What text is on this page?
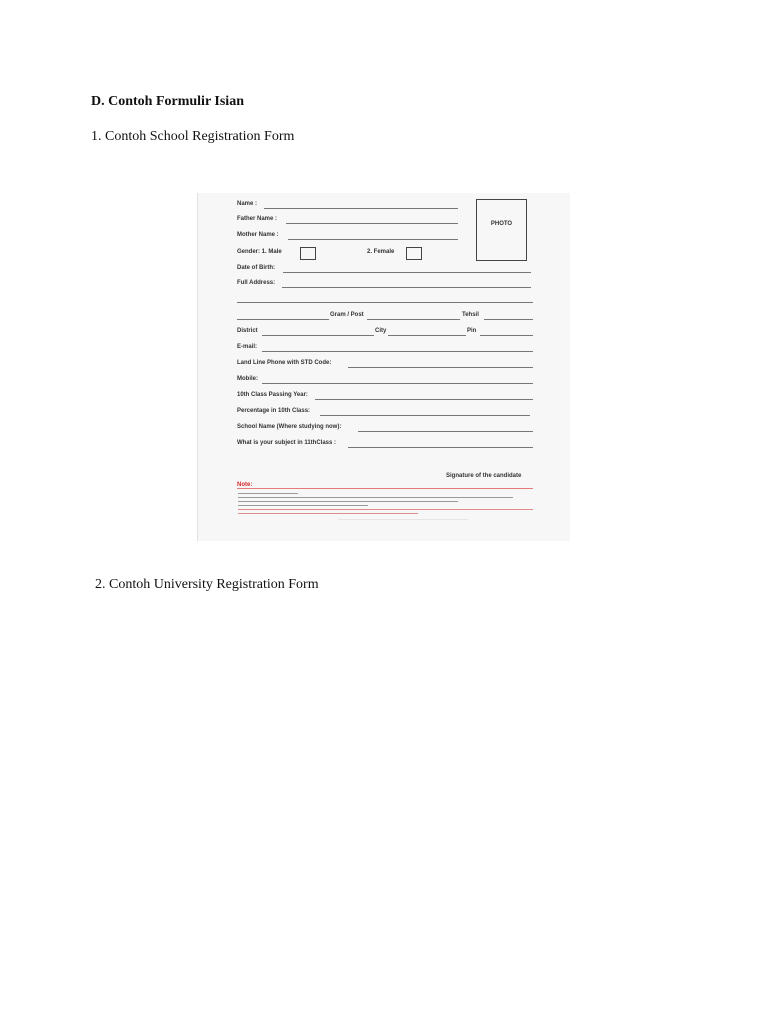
D. Contoh Formulir Isian
1. Contoh School Registration Form
Name :
Father Name :
Mother Name :
Gender: 1. Male	2. Female
Date of Birth:
Full Address:
Gram / Post	Tehsil
District	City	Pin
E-mail:
Land Line Phone with STD Code:
Mobile:
10th Class Passing Year:
Percentage in 10th Class:
School Name (Where studying now):
What is your subject in 11thClass :
PHOTO
Signature of the candidate
Note:
2. Contoh University Registration Form
